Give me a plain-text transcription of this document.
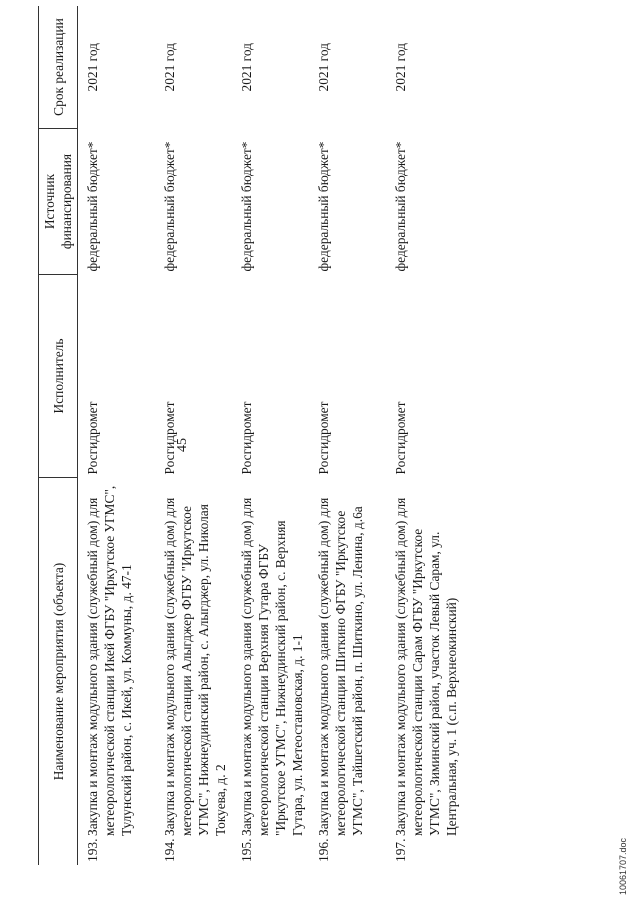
45
Наименование мероприятия (объекта)	Исполнитель	Источник финансирования	Срок реализации

193.
Закупка и монтаж модульного здания (служебный дом) для метеорологической станции Икей ФГБУ "Иркутское УГМС", Тулунский район, с. Икей, ул. Коммуны, д. 47-1	Росгидромет	федеральный бюджет*	2021 год

194.
Закупка и монтаж модульного здания (служебный дом) для метеорологической станции Алыгджер ФГБУ "Иркутское УГМС", Нижнеудинский район, с. Алыгджер, ул. Николая Токуева, д. 2	Росгидромет	федеральный бюджет*	2021 год

195.
Закупка и монтаж модульного здания (служебный дом) для метеорологической станции Верхняя Гутара ФГБУ "Иркутское УГМС", Нижнеудинский район, с. Верхняя Гутара, ул. Метеостановская, д. 1-1	Росгидромет	федеральный бюджет*	2021 год

196.
Закупка и монтаж модульного здания (служебный дом) для метеорологической станции Шиткино ФГБУ "Иркутское УГМС", Тайшетский район, п. Шиткино, ул. Ленина, д.6а	Росгидромет	федеральный бюджет*	2021 год

197.
Закупка и монтаж модульного здания (служебный дом) для метеорологической станции Сарам ФГБУ "Иркутское УГМС", Зиминский район, участок Левый Сарам, ул. Центральная, уч. 1 (с.п. Верхнеокинский)	Росгидромет	федеральный бюджет*	2021 год
10061707.doc
